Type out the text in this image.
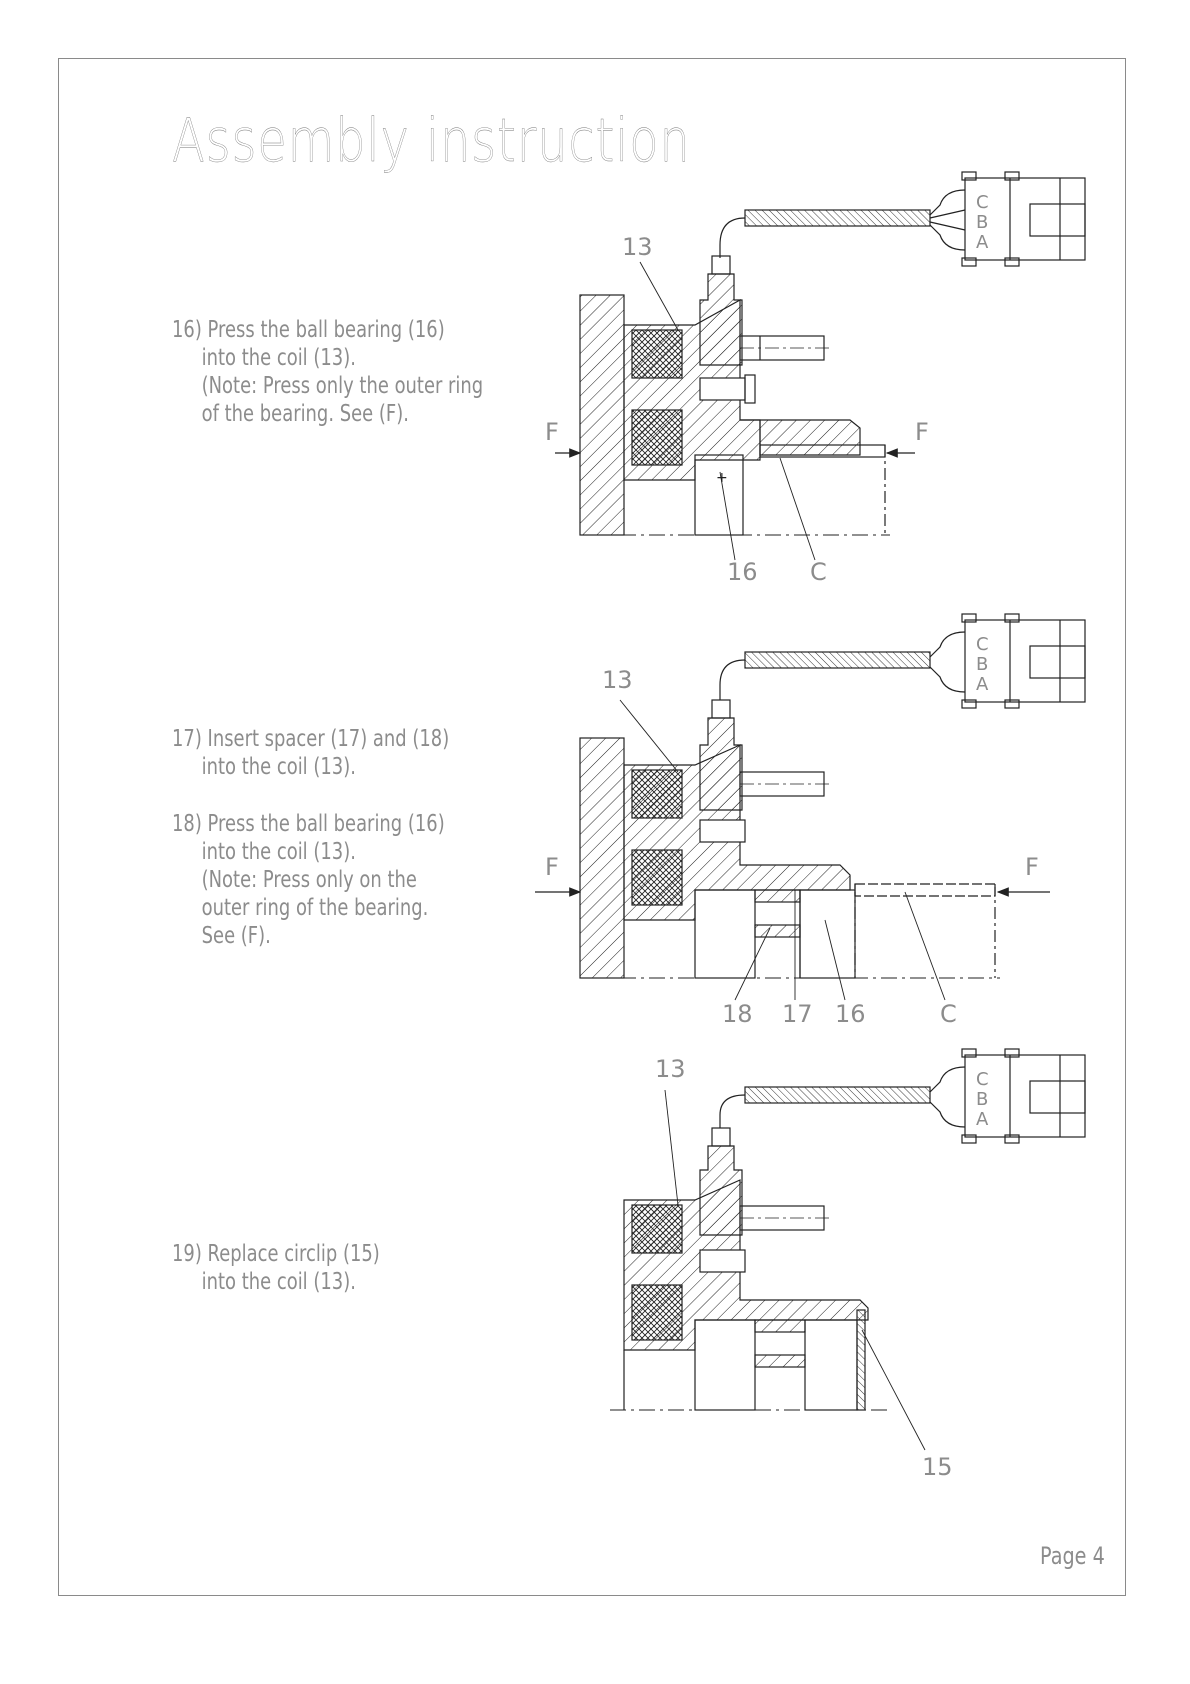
Assembly instruction
16) Press the ball bearing (16)
into the coil (13).
(Note: Press only the outer ring
of the bearing. See (F).
17) Insert spacer (17) and (18)
into the coil (13).
18) Press the ball bearing (16)
into the coil (13).
(Note: Press only on the
outer ring of the bearing.
See (F).
19) Replace circlip (15)
into the coil (13).
Page 4
+
13
16 C
F	F
C
B
A
13
18 17 16	C
F	F
C
B
A
13
15
C
B
A
